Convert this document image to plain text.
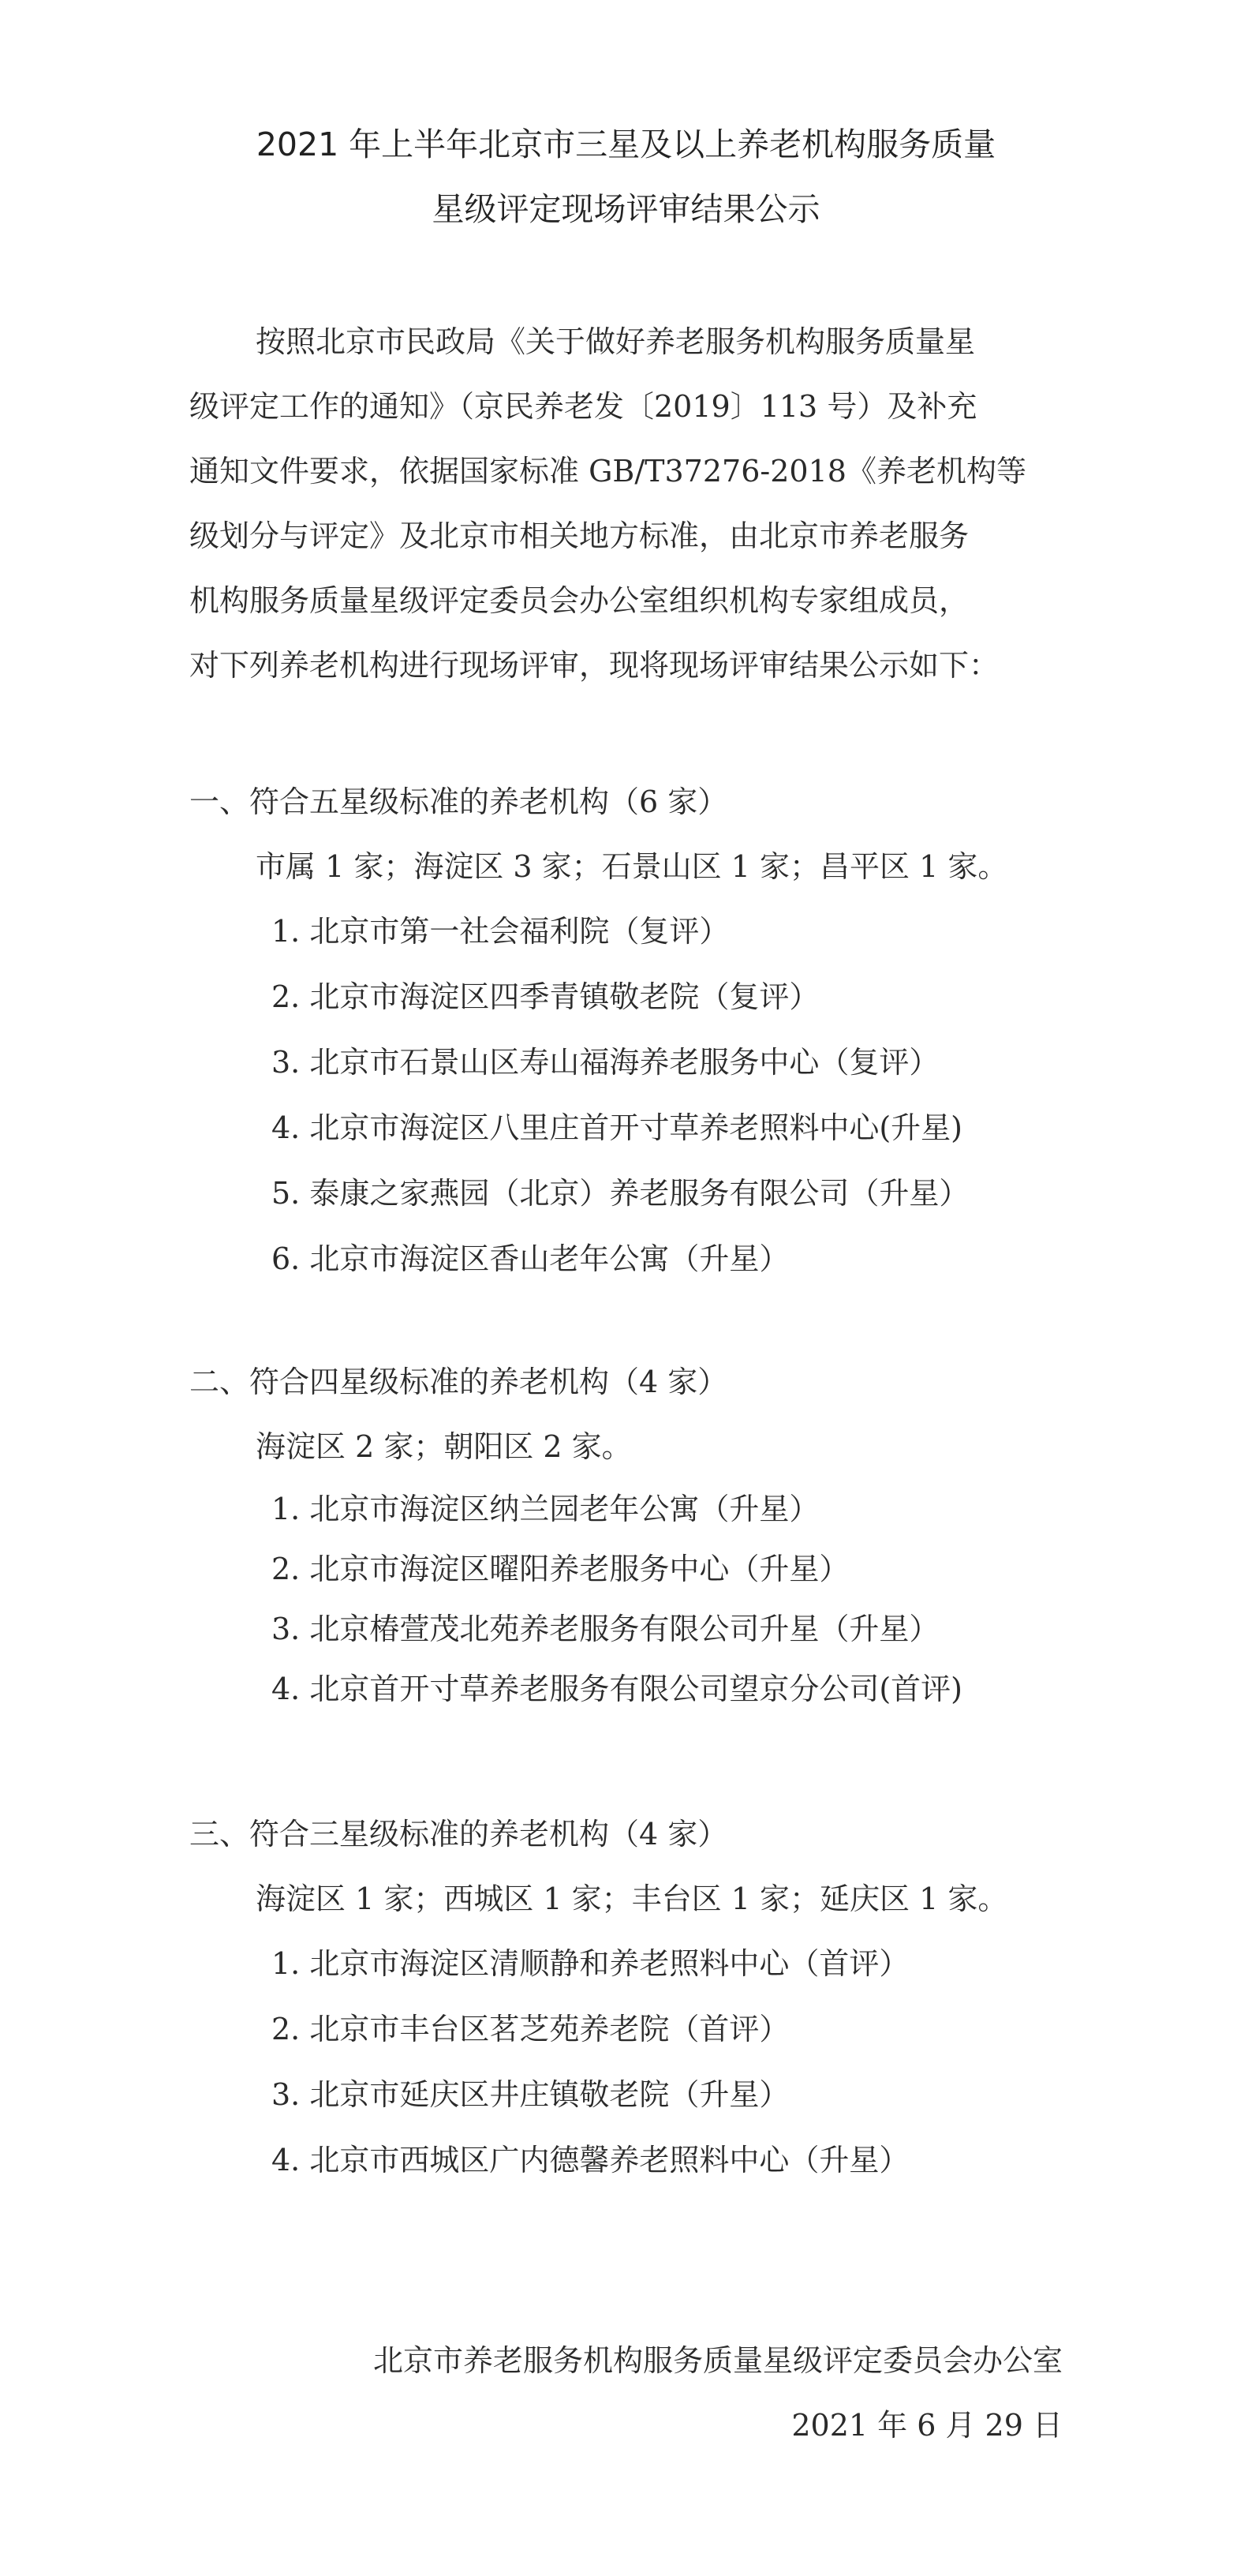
2021 年上半年北京市三星及以上养老机构服务质量
星级评定现场评审结果公示
按照北京市民政局《关于做好养老服务机构服务质量星
级评定工作的通知》（京民养老发〔2019〕113 号）及补充
通知文件要求，依据国家标准 GB/T37276-2018《养老机构等
级划分与评定》及北京市相关地方标准，由北京市养老服务
机构服务质量星级评定委员会办公室组织机构专家组成员，
对下列养老机构进行现场评审，现将现场评审结果公示如下：
一、符合五星级标准的养老机构（6 家）
市属 1 家；海淀区 3 家；石景山区 1 家；昌平区 1 家。
1. 北京市第一社会福利院（复评）
2. 北京市海淀区四季青镇敬老院（复评）
3. 北京市石景山区寿山福海养老服务中心（复评）
4. 北京市海淀区八里庄首开寸草养老照料中心(升星)
5. 泰康之家燕园（北京）养老服务有限公司（升星）
6. 北京市海淀区香山老年公寓（升星）
二、符合四星级标准的养老机构（4 家）
海淀区 2 家；朝阳区 2 家。
1. 北京市海淀区纳兰园老年公寓（升星）
2. 北京市海淀区曜阳养老服务中心（升星）
3. 北京椿萱茂北苑养老服务有限公司升星（升星）
4. 北京首开寸草养老服务有限公司望京分公司(首评)
三、符合三星级标准的养老机构（4 家）
海淀区 1 家；西城区 1 家；丰台区 1 家；延庆区 1 家。
1. 北京市海淀区清顺静和养老照料中心（首评）
2. 北京市丰台区茗芝苑养老院（首评）
3. 北京市延庆区井庄镇敬老院（升星）
4. 北京市西城区广内德馨养老照料中心（升星）
北京市养老服务机构服务质量星级评定委员会办公室
2021 年 6 月 29 日
